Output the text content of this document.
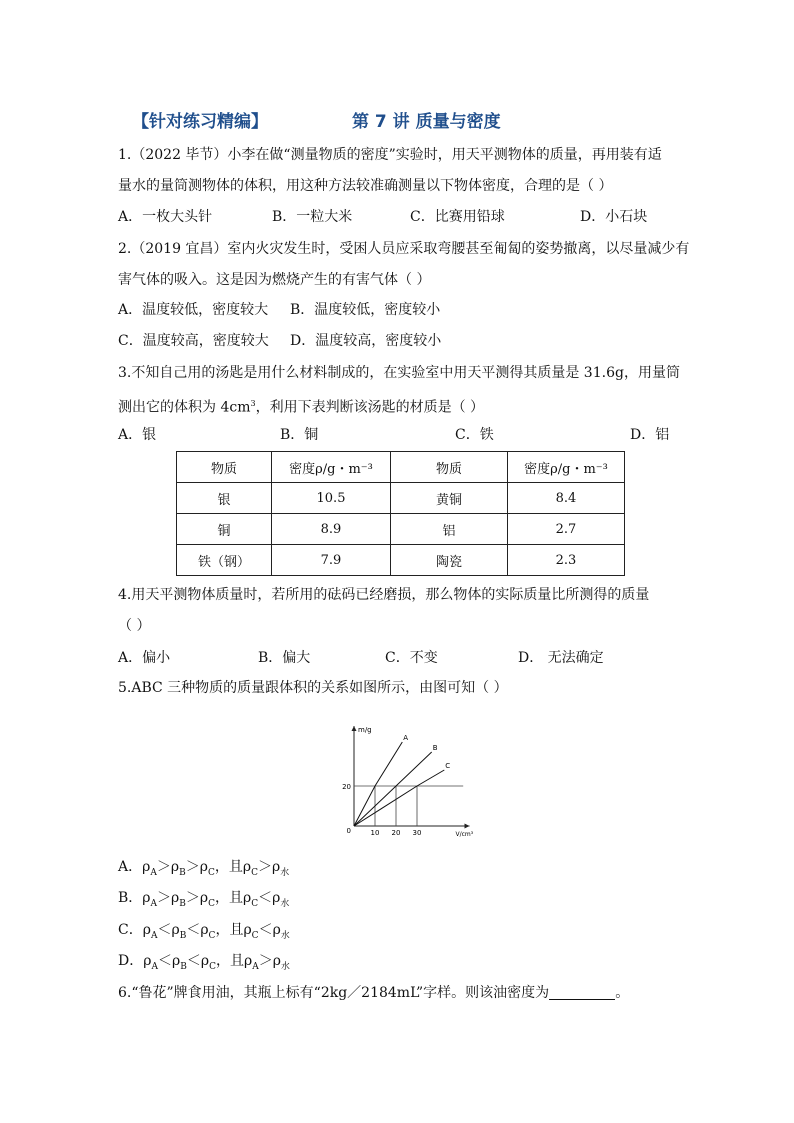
【针对练习精编】	第 7 讲 质量与密度
1.（2022 毕节）小李在做“测量物质的密度”实验时，用天平测物体的质量，再用装有适
量水的量筒测物体的体积，用这种方法较准确测量以下物体密度，合理的是（ ）
A．一枚大头针	B．一粒大米	C．比赛用铅球	D．小石块
2.（2019 宜昌）室内火灾发生时，受困人员应采取弯腰甚至匍匐的姿势撤离，以尽量减少有
害气体的吸入。这是因为燃烧产生的有害气体（ ）
A．温度较低，密度较大 B．温度较低，密度较小
C．温度较高，密度较大 D．温度较高，密度较小
3.不知自己用的汤匙是用什么材料制成的，在实验室中用天平测得其质量是 31.6g，用量筒
测出它的体积为 $4cm^3$，利用下表判断该汤匙的材质是（ ）
A．银	B．铜	C．铁	D．铝
物质	密度ρ/g・m⁻³	物质	密度ρ/g・m⁻³
银	10.5	黄铜	8.4
铜	8.9	铝	2.7
铁（钢）	7.9	陶瓷	2.3
4.用天平测物体质量时，若所用的砝码已经磨损，那么物体的实际质量比所测得的质量
（ ）
A．偏小	B．偏大	C．不变	D． 无法确定
5.ABC 三种物质的质量跟体积的关系如图所示，由图可知（ ）
A
B
C
10 20 30
20
0	V/cm³
m/g
A．$\rho_A>\rho_B>\rho_C$，且$\rho_C>\rho_水$
B．$\rho_A>\rho_B>\rho_C$，且$\rho_C<\rho_水$
C．$\rho_A<\rho_B<\rho_C$，且$\rho_C<\rho_水$
D．$\rho_A<\rho_B<\rho_C$，且$\rho_A>\rho_水$
6.“鲁花”牌食用油，其瓶上标有“2kg／2184mL”字样。则该油密度为	。
